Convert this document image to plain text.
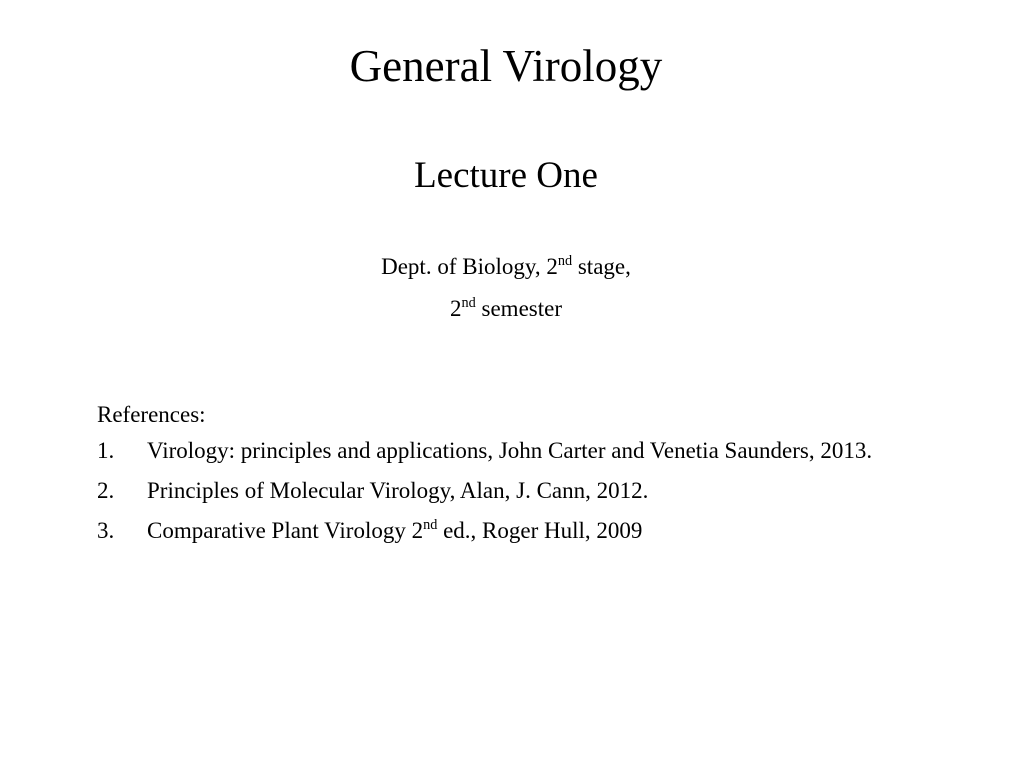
General Virology
Lecture One

Dept. of Biology, 2nd stage,

2nd semester

References:

1. Virology: principles and applications, John Carter and Venetia Saunders, 2013.
2. Principles of Molecular Virology, Alan, J. Cann, 2012.
3. Comparative Plant Virology 2nd ed., Roger Hull, 2009
